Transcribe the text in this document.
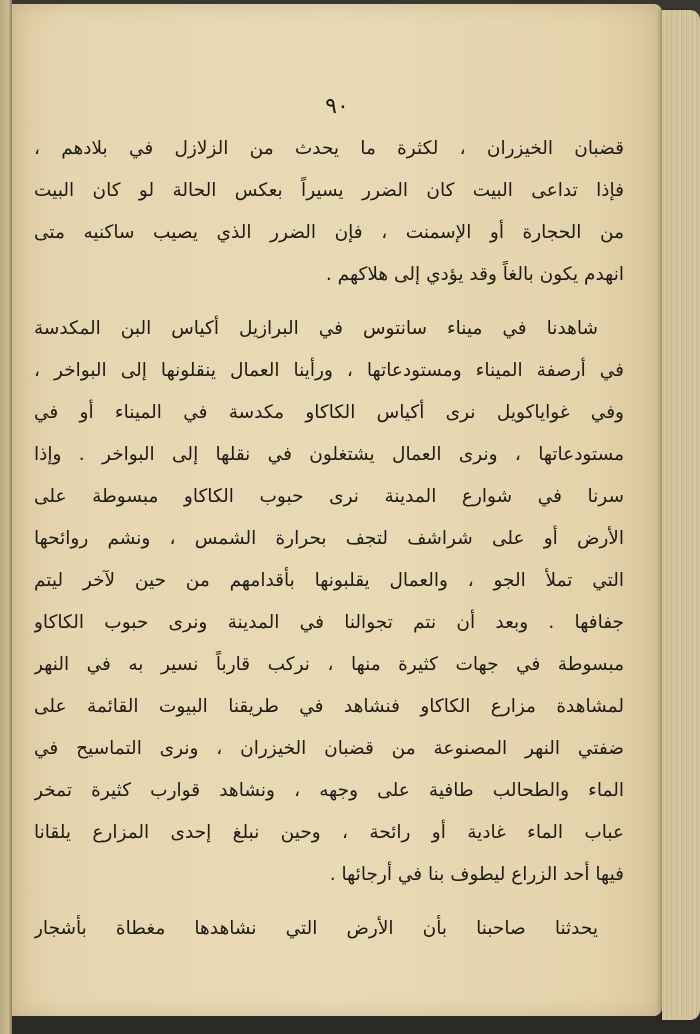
٩٠
قضبان الخيزران ، لكثرة ما يحدث من الزلازل في بلادهم ،
فإذا تداعى البيت كان الضرر يسيراً بعكس الحالة لو كان البيت
من الحجارة أو الإسمنت ، فإن الضرر الذي يصيب ساكنيه متى
انهدم يكون بالغاً وقد يؤدي إلى هلاكهم .
شاهدنا في ميناء سانتوس في البرازيل أكياس البن المكدسة
في أرصفة الميناء ومستودعاتها ، ورأينا العمال ينقلونها إلى البواخر ،
وفي غواياكويل نرى أكياس الكاكاو مكدسة في الميناء أو في
مستودعاتها ، ونرى العمال يشتغلون في نقلها إلى البواخر . وإذا
سرنا في شوارع المدينة نرى حبوب الكاكاو مبسوطة على
الأرض أو على شراشف لتجف بحرارة الشمس ، ونشم روائحها
التي تملأ الجو ، والعمال يقلبونها بأقدامهم من حين لآخر ليتم
جفافها . وبعد أن نتم تجوالنا في المدينة ونرى حبوب الكاكاو
مبسوطة في جهات كثيرة منها ، نركب قارباً نسير به في النهر
لمشاهدة مزارع الكاكاو فنشاهد في طريقنا البيوت القائمة على
ضفتي النهر المصنوعة من قضبان الخيزران ، ونرى التماسيح في
الماء والطحالب طافية على وجهه ، ونشاهد قوارب كثيرة تمخر
عباب الماء غادية أو رائحة ، وحين نبلغ إحدى المزارع يلقانا
فيها أحد الزراع ليطوف بنا في أرجائها .
يحدثنا صاحبنا بأن الأرض التي نشاهدها مغطاة بأشجار
